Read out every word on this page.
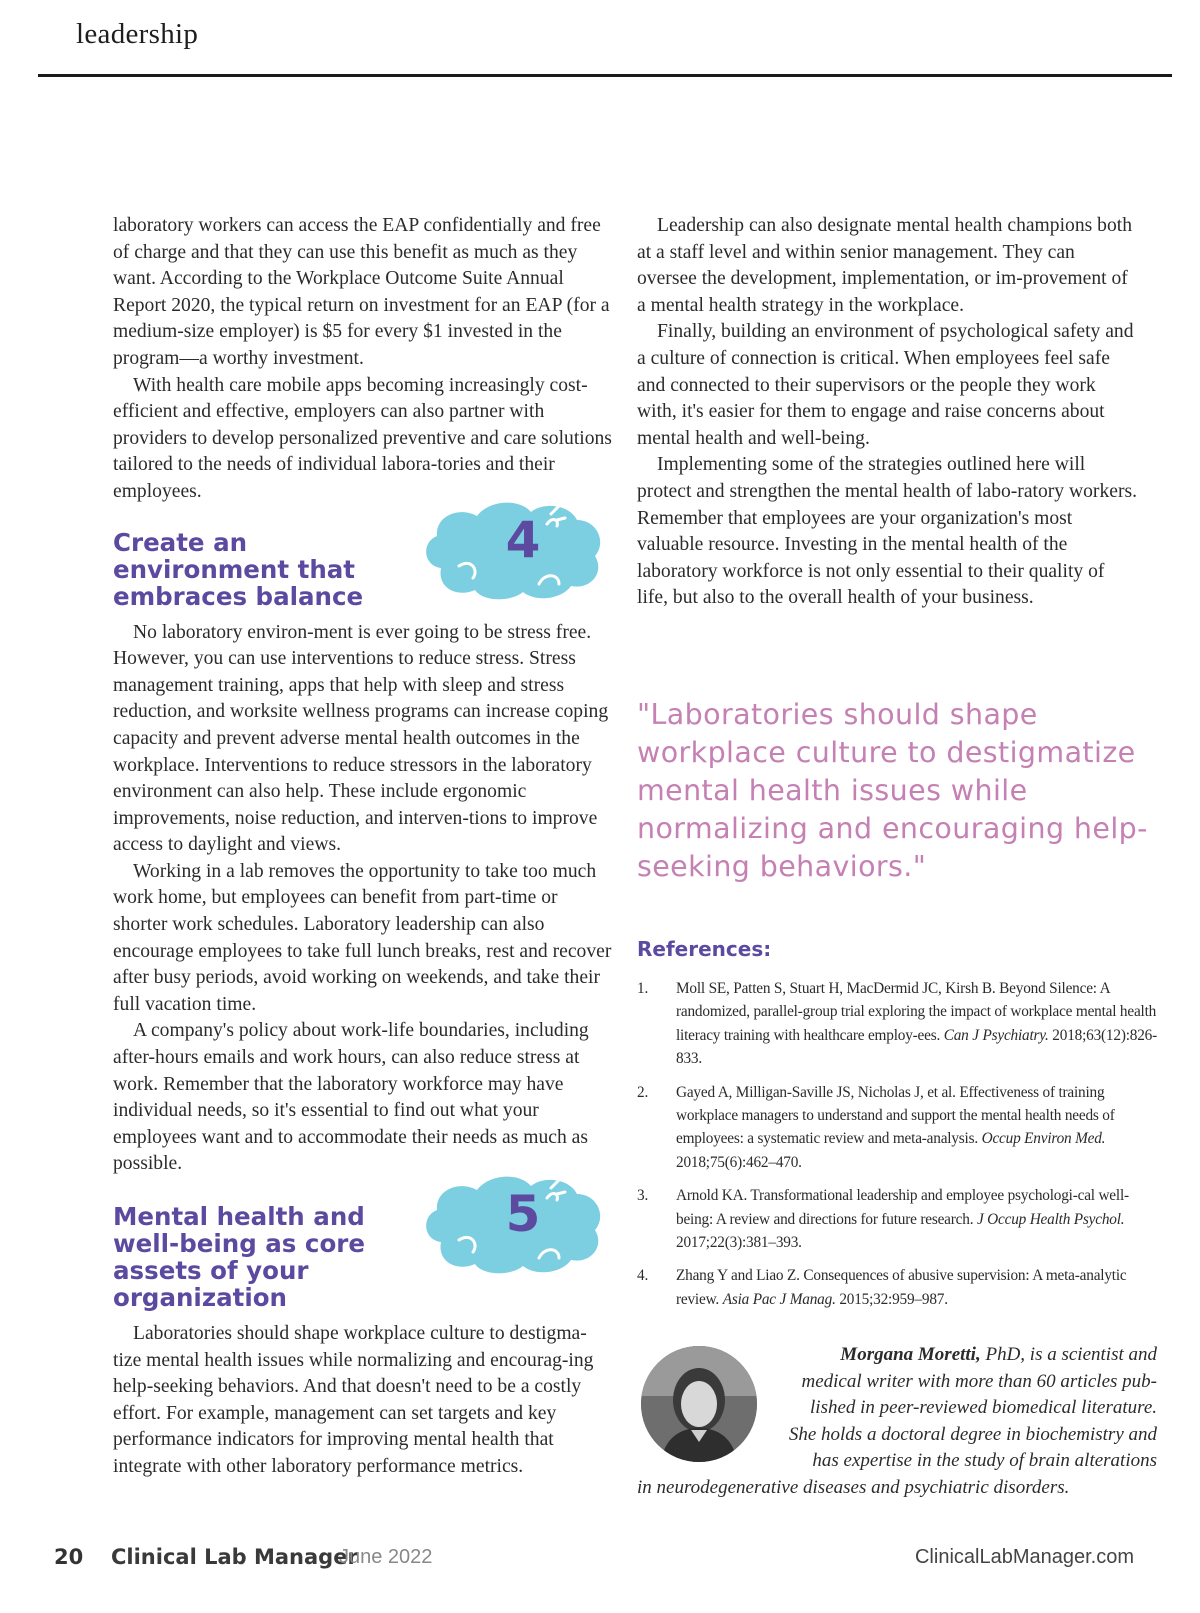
leadership

laboratory workers can access the EAP confidentially and free of charge and that they can use this benefit as much as they want. According to the Workplace Outcome Suite Annual Report 2020, the typical return on investment for an EAP (for a medium-size employer) is $5 for every $1 invested in the program—a worthy investment.

With health care mobile apps becoming increasingly cost-efficient and effective, employers can also partner with providers to develop personalized preventive and care solutions tailored to the needs of individual labora-tories and their employees.

Create an environment that embraces balance
4

No laboratory environ-ment is ever going to be stress free. However, you can use interventions to reduce stress. Stress management training, apps that help with sleep and stress reduction, and worksite wellness programs can increase coping capacity and prevent adverse mental health outcomes in the workplace. Interventions to reduce stressors in the laboratory environment can also help. These include ergonomic improvements, noise reduction, and interven-tions to improve access to daylight and views.

Working in a lab removes the opportunity to take too much work home, but employees can benefit from part-time or shorter work schedules. Laboratory leadership can also encourage employees to take full lunch breaks, rest and recover after busy periods, avoid working on weekends, and take their full vacation time.

A company's policy about work-life boundaries, including after-hours emails and work hours, can also reduce stress at work. Remember that the laboratory workforce may have individual needs, so it's essential to find out what your employees want and to accommodate their needs as much as possible.

Mental health and well-being as core assets of your organization
5

Laboratories should shape workplace culture to destigma-tize mental health issues while normalizing and encourag-ing help-seeking behaviors. And that doesn't need to be a costly effort. For example, management can set targets and key performance indicators for improving mental health that integrate with other laboratory performance metrics.

Leadership can also designate mental health champions both at a staff level and within senior management. They can oversee the development, implementation, or im-provement of a mental health strategy in the workplace.

Finally, building an environment of psychological safety and a culture of connection is critical. When employees feel safe and connected to their supervisors or the people they work with, it's easier for them to engage and raise concerns about mental health and well-being.

Implementing some of the strategies outlined here will protect and strengthen the mental health of labo-ratory workers. Remember that employees are your organization's most valuable resource. Investing in the mental health of the laboratory workforce is not only essential to their quality of life, but also to the overall health of your business.

"Laboratories should shape workplace culture to destigmatize mental health issues while normalizing and encouraging help-seeking behaviors."
References:
1. Moll SE, Patten S, Stuart H, MacDermid JC, Kirsh B. Beyond Silence: A randomized, parallel-group trial exploring the impact of workplace mental health literacy training with healthcare employ-ees. Can J Psychiatry. 2018;63(12):826-833.
2. Gayed A, Milligan-Saville JS, Nicholas J, et al. Effectiveness of training workplace managers to understand and support the mental health needs of employees: a systematic review and meta-analysis. Occup Environ Med. 2018;75(6):462–470.
3. Arnold KA. Transformational leadership and employee psychologi-cal well-being: A review and directions for future research. J Occup Health Psychol. 2017;22(3):381–393.
4. Zhang Y and Liao Z. Consequences of abusive supervision: A meta-analytic review. Asia Pac J Manag. 2015;32:959–987.
Morgana Moretti, PhD, is a scientist and
medical writer with more than 60 articles pub-
lished in peer-reviewed biomedical literature.
She holds a doctoral degree in biochemistry and
has expertise in the study of brain alterations
in neurodegenerative diseases and psychiatric disorders.
20 Clinical Lab Manager
June 2022	ClinicalLabManager.com
